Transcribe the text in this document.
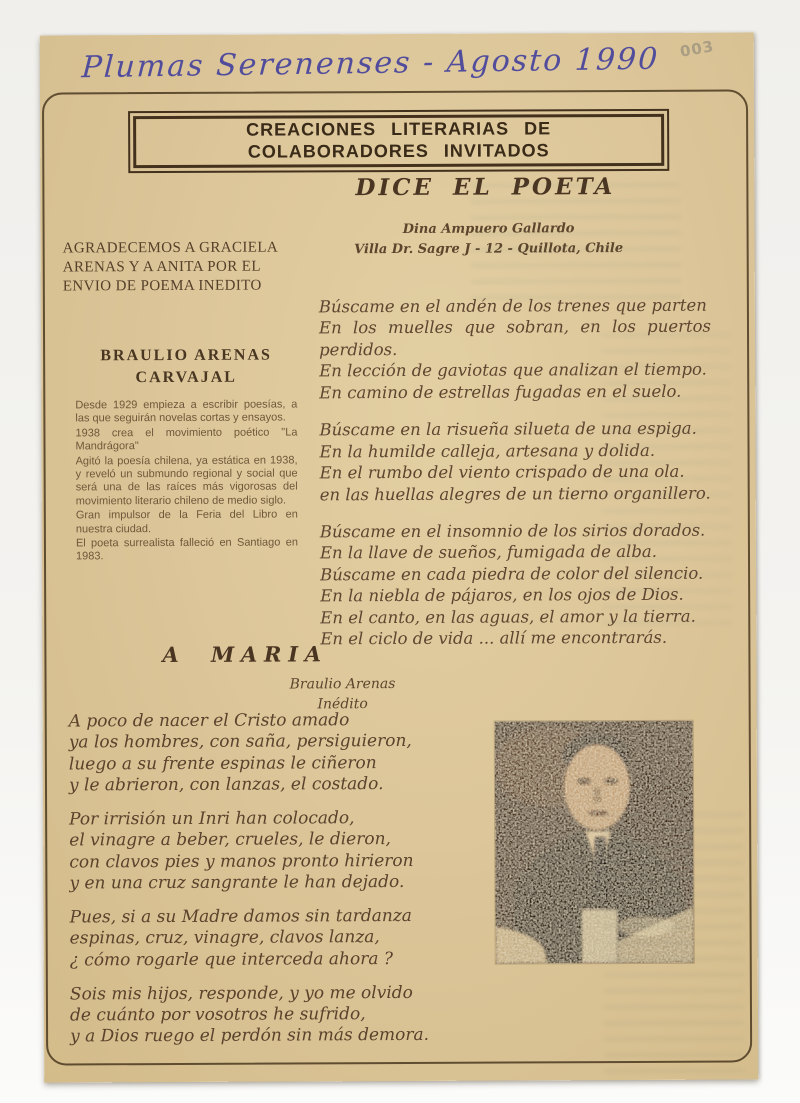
003
Plumas Serenenses - Agosto 1990
CREACIONES LITERARIAS DE
COLABORADORES INVITADOS
DICE EL POETA
Dina Ampuero Gallardo
Villa Dr. Sagre J - 12 - Quillota, Chile
AGRADECEMOS A GRACIELA
ARENAS Y A ANITA POR EL
ENVIO DE POEMA INEDITO
BRAULIO ARENAS
CARVAJAL
Desde 1929 empieza a escribir poesías, a las que seguirán novelas cortas y ensayos.
1938 crea el movimiento poético "La Mandrágora"
Agitó la poesía chilena, ya estática en 1938, y reveló un submundo regional y social que será una de las raíces más vigorosas del movimiento literario chileno de medio siglo.
Gran impulsor de la Feria del Libro en nuestra ciudad.
El poeta surrealista falleció en Santiago en 1983.
Búscame en el andén de los trenes que parten
En los muelles que sobran, en los puertos perdidos.
En lección de gaviotas que analizan el tiempo.
En camino de estrellas fugadas en el suelo.
Búscame en la risueña silueta de una espiga.
En la humilde calleja, artesana y dolida.
En el rumbo del viento crispado de una ola.
en las huellas alegres de un tierno organillero.
Búscame en el insomnio de los sirios dorados.
En la llave de sueños, fumigada de alba.
Búscame en cada piedra de color del silencio.
En la niebla de pájaros, en los ojos de Dios.
En el canto, en las aguas, el amor y la tierra.
En el ciclo de vida ... allí me encontrarás.
A MARIA
Braulio Arenas
Inédito
A poco de nacer el Cristo amado
ya los hombres, con saña, persiguieron,
luego a su frente espinas le ciñeron
y le abrieron, con lanzas, el costado.
Por irrisión un Inri han colocado,
el vinagre a beber, crueles, le dieron,
con clavos pies y manos pronto hirieron
y en una cruz sangrante le han dejado.
Pues, si a su Madre damos sin tardanza
espinas, cruz, vinagre, clavos lanza,
¿ cómo rogarle que interceda ahora ?
Sois mis hijos, responde, y yo me olvido
de cuánto por vosotros he sufrido,
y a Dios ruego el perdón sin más demora.
